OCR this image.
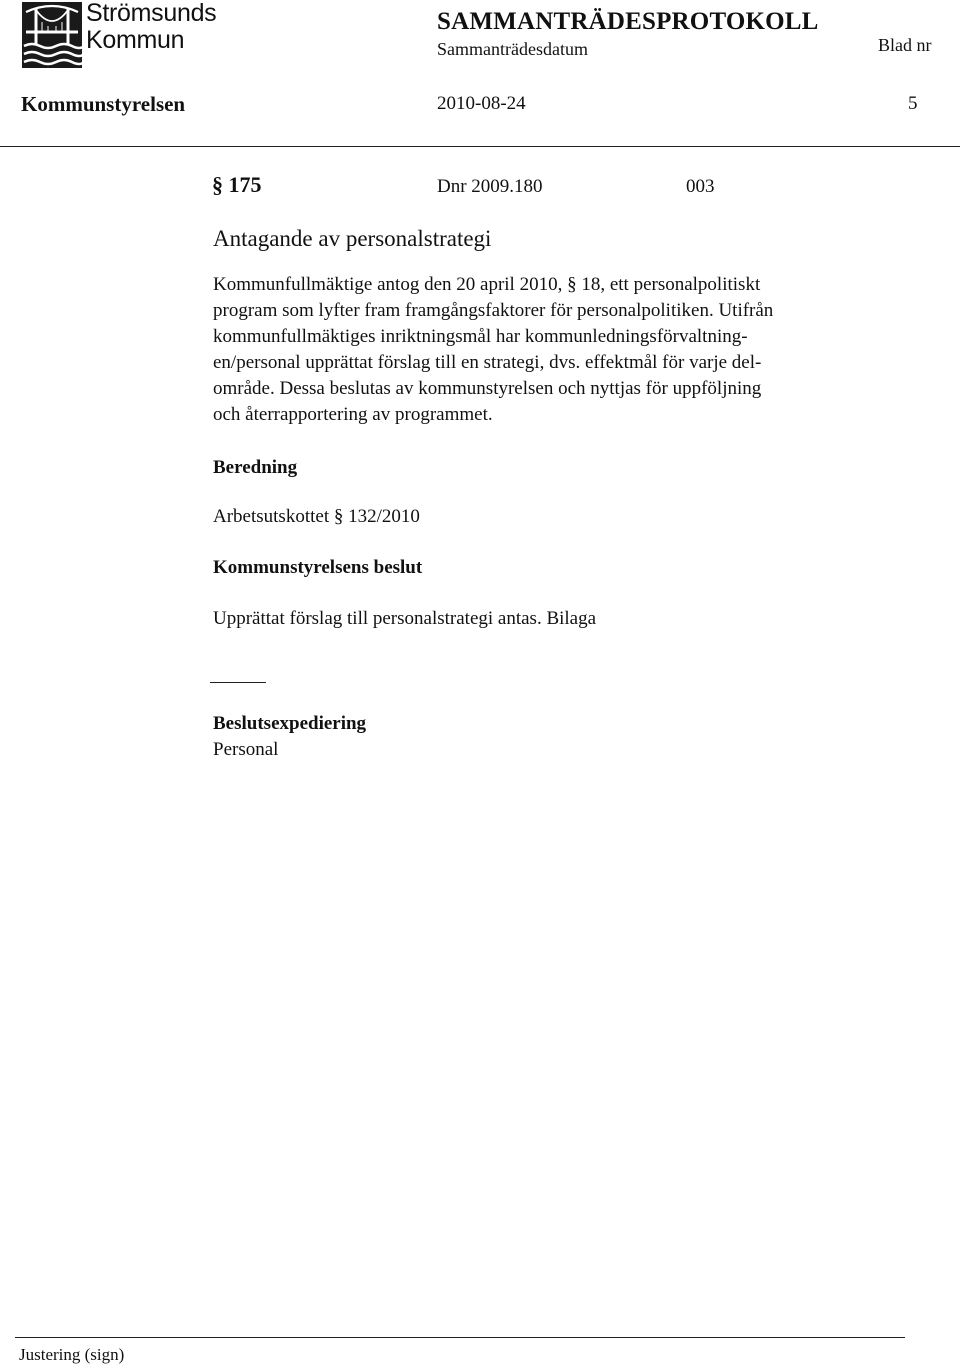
Strömsunds
Kommun
SAMMANTRÄDESPROTOKOLL
Sammanträdesdatum	Blad nr
Kommunstyrelsen	2010-08-24	5
§ 175	Dnr 2009.180	003
Antagande av personalstrategi
Kommunfullmäktige antog den 20 april 2010, § 18, ett personalpolitiskt
program som lyfter fram framgångsfaktorer för personalpolitiken. Utifrån
kommunfullmäktiges inriktningsmål har kommunledningsförvaltning-
en/personal upprättat förslag till en strategi, dvs. effektmål för varje del-
område. Dessa beslutas av kommunstyrelsen och nyttjas för uppföljning
och återrapportering av programmet.
Beredning
Arbetsutskottet § 132/2010
Kommunstyrelsens beslut
Upprättat förslag till personalstrategi antas. Bilaga
Beslutsexpediering
Personal
Justering (sign)
